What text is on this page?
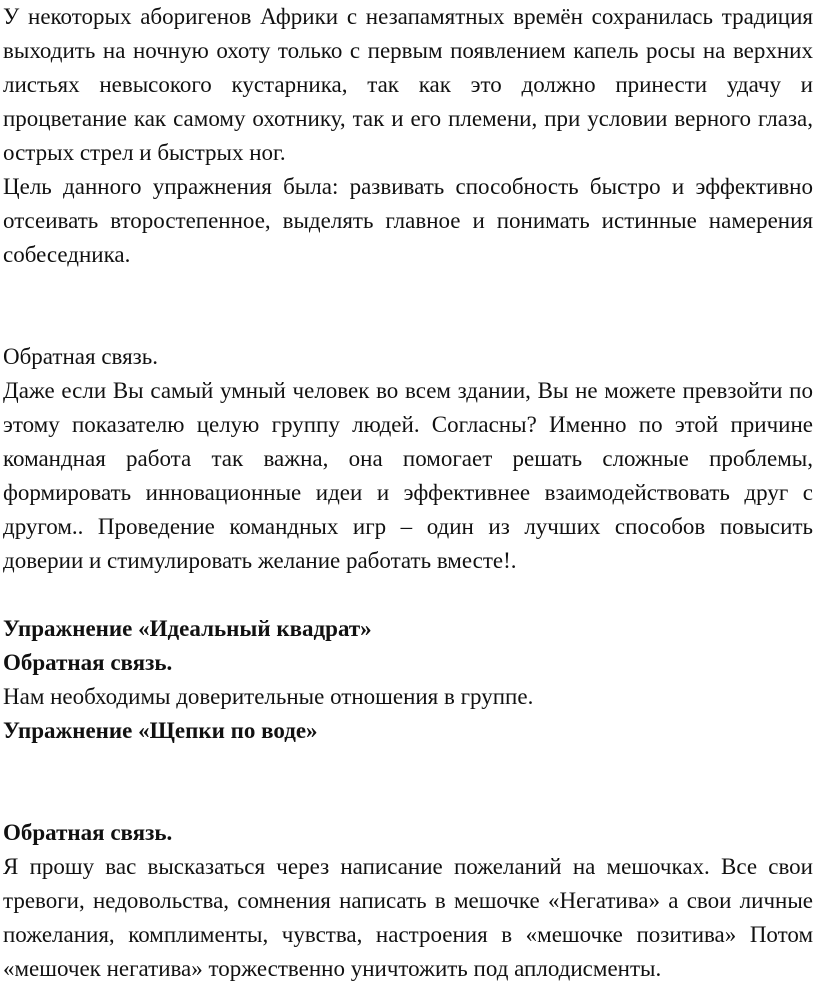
У некоторых аборигенов Африки с незапамятных времён сохранилась традиция выходить на ночную охоту только с первым появлением капель росы на верхних листьях невысокого кустарника, так как это должно принести удачу и процветание как самому охотнику, так и его племени, при условии верного глаза, острых стрел и быстрых ног.

Цель данного упражнения была: развивать способность быстро и эффективно отсеивать второстепенное, выделять главное и понимать истинные намерения собеседника.

Обратная связь.

Даже если Вы самый умный человек во всем здании, Вы не можете превзойти по этому показателю целую группу людей. Согласны? Именно по этой причине командная работа так важна, она помогает решать сложные проблемы, формировать инновационные идеи и эффективнее взаимодействовать друг с другом.. Проведение командных игр – один из лучших способов повысить доверии и стимулировать желание работать вместе!.

Упражнение «Идеальный квадрат»

Обратная связь.

Нам необходимы доверительные отношения в группе.

Упражнение «Щепки по воде»

Обратная связь.

Я прошу вас высказаться через написание пожеланий на мешочках. Все свои тревоги, недовольства, сомнения написать в мешочке «Негатива» а свои личные пожелания, комплименты, чувства, настроения в «мешочке позитива» Потом «мешочек негатива» торжественно уничтожить под аплодисменты.
